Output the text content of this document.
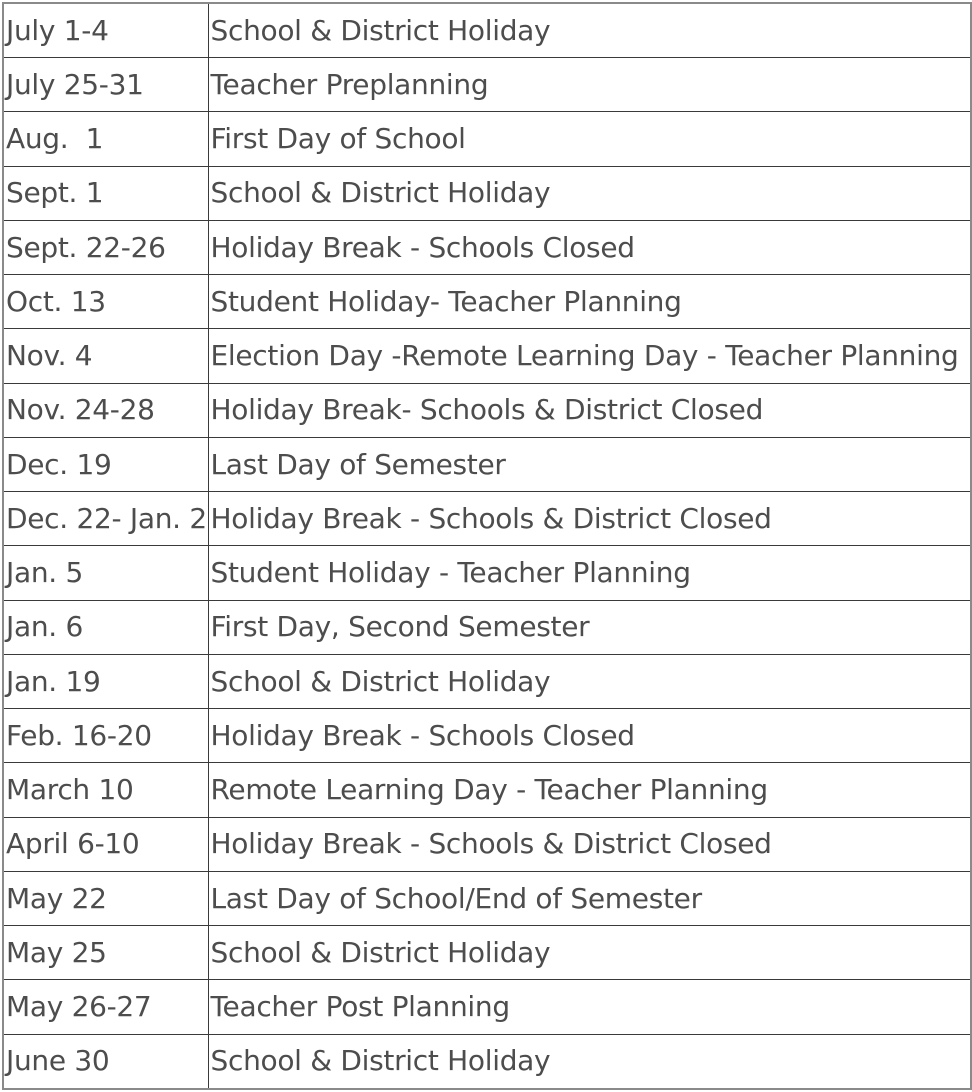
July 1-4	School & District Holiday
July 25-31	Teacher Preplanning
Aug.  1	First Day of School
Sept. 1	School & District Holiday
Sept. 22-26	Holiday Break - Schools Closed
Oct. 13	Student Holiday- Teacher Planning
Nov. 4	Election Day -Remote Learning Day - Teacher Planning
Nov. 24-28	Holiday Break- Schools & District Closed
Dec. 19	Last Day of Semester
Dec. 22- Jan. 2	Holiday Break - Schools & District Closed
Jan. 5	Student Holiday - Teacher Planning
Jan. 6	First Day, Second Semester
Jan. 19	School & District Holiday
Feb. 16-20	Holiday Break - Schools Closed
March 10	Remote Learning Day - Teacher Planning
April 6-10	Holiday Break - Schools & District Closed
May 22	Last Day of School/End of Semester
May 25	School & District Holiday
May 26-27	Teacher Post Planning
June 30	School & District Holiday
